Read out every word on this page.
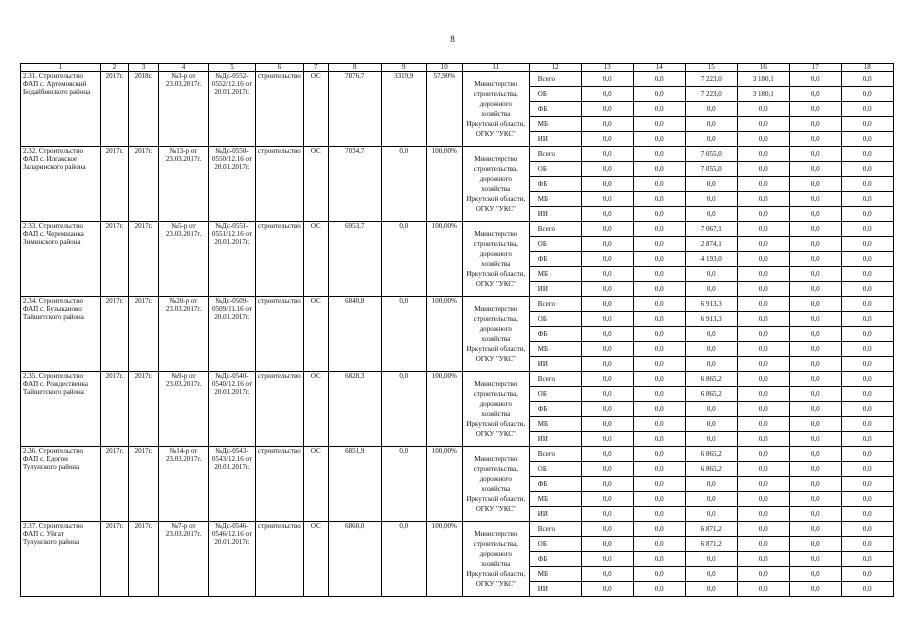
8
1	2	3	4	5	6	7	8	9	10	11	12	13	14	15	16	17	18
2.31. Строительство ФАП с. Артемовский Бодайбинского района	2017г.	2018г.	№3-р от 23.03.2017г.	№Дс-0552-0552/12.16 от 20.01.2017г.	строительство	ОС	7876,7	3319,9	57,90%	Министерство строительства, дорожного хозяйства Иркутской области, ОГКУ "УКС"	Всего	0,0	0,0	7 223,0	3 180,1	0,0	0,0
											ОБ	0,0	0,0	7 223,0	3 180,1	0,0	0,0
											ФБ	0,0	0,0	0,0	0,0	0,0	0,0
											МБ	0,0	0,0	0,0	0,0	0,0	0,0
											ИИ	0,0	0,0	0,0	0,0	0,0	0,0
2.32. Строительство ФАП с. Илгакское Заларинского района	2017г.	2017г.	№13-р от 23.03.2017г.	№Дс-0550-0550/12.16 от 20.01.2017г.	строительство	ОС	7034,7	0,0	100,00%	Министерство строительства, дорожного хозяйства Иркутской области, ОГКУ "УКС"	Всего	0,0	0,0	7 055,0	0,0	0,0	0,0
											ОБ	0,0	0,0	7 055,0	0,0	0,0	0,0
											ФБ	0,0	0,0	0,0	0,0	0,0	0,0
											МБ	0,0	0,0	0,0	0,0	0,0	0,0
											ИИ	0,0	0,0	0,0	0,0	0,0	0,0
2.33. Строительство ФАП с. Черемшанка Зиминского района	2017г.	2017г.	№5-р от 23.03.2017г.	№Дс-0551-0551/12.16 от 20.01.2017г.	строительство	ОС	6953,7	0,0	100,00%	Министерство строительства, дорожного хозяйства Иркутской области, ОГКУ "УКС"	Всего	0,0	0,0	7 067,1	0,0	0,0	0,0
											ОБ	0,0	0,0	2 874,1	0,0	0,0	0,0
											ФБ	0,0	0,0	4 193,0	0,0	0,0	0,0
											МБ	0,0	0,0	0,0	0,0	0,0	0,0
											ИИ	0,0	0,0	0,0	0,0	0,0	0,0
2.34. Строительство ФАП с. Бузыканово Тайшетского района	2017г.	2017г.	№20-р от 23.03.2017г.	№Дс-0509-0509/11.16 от 20.01.2017г.	строительство	ОС	6840,8	0,0	100,00%	Министерство строительства, дорожного хозяйства Иркутской области, ОГКУ "УКС"	Всего	0,0	0,0	6 913,3	0,0	0,0	0,0
											ОБ	0,0	0,0	6 913,3	0,0	0,0	0,0
											ФБ	0,0	0,0	0,0	0,0	0,0	0,0
											МБ	0,0	0,0	0,0	0,0	0,0	0,0
											ИИ	0,0	0,0	0,0	0,0	0,0	0,0
2.35. Строительство ФАП с. Рождественка Тайшетского района	2017г.	2017г.	№9-р от 23.03.2017г.	№Дс-0540-0540/12.16 от 20.01.2017г.	строительство	ОС	6828,3	0,0	100,00%	Министерство строительства, дорожного хозяйства Иркутской области, ОГКУ "УКС"	Всего	0,0	0,0	6 865,2	0,0	0,0	0,0
											ОБ	0,0	0,0	6 865,2	0,0	0,0	0,0
											ФБ	0,0	0,0	0,0	0,0	0,0	0,0
											МБ	0,0	0,0	0,0	0,0	0,0	0,0
											ИИ	0,0	0,0	0,0	0,0	0,0	0,0
2.36. Строительство ФАП с. Едогон Тулунского района	2017г.	2017г.	№14-р от 23.03.2017г.	№Дс-0543-0543/12.16 от 20.01.2017г.	строительство	ОС	6851,9	0,0	100,00%	Министерство строительства, дорожного хозяйства Иркутской области, ОГКУ "УКС"	Всего	0,0	0,0	6 865,2	0,0	0,0	0,0
											ОБ	0,0	0,0	6 865,2	0,0	0,0	0,0
											ФБ	0,0	0,0	0,0	0,0	0,0	0,0
											МБ	0,0	0,0	0,0	0,0	0,0	0,0
											ИИ	0,0	0,0	0,0	0,0	0,0	0,0
2.37. Строительство ФАП с. Уйгат Тулунского района	2017г.	2017г.	№7-р от 23.03.2017г.	№Дс-0546-0546/12.16 от 20.01.2017г.	строительство	ОС	6860,0	0,0	100,00%	Министерство строительства, дорожного хозяйства Иркутской области, ОГКУ "УКС"	Всего	0,0	0,0	6 871,2	0,0	0,0	0,0
											ОБ	0,0	0,0	6 871,2	0,0	0,0	0,0
											ФБ	0,0	0,0	0,0	0,0	0,0	0,0
											МБ	0,0	0,0	0,0	0,0	0,0	0,0
											ИИ	0,0	0,0	0,0	0,0	0,0	0,0
